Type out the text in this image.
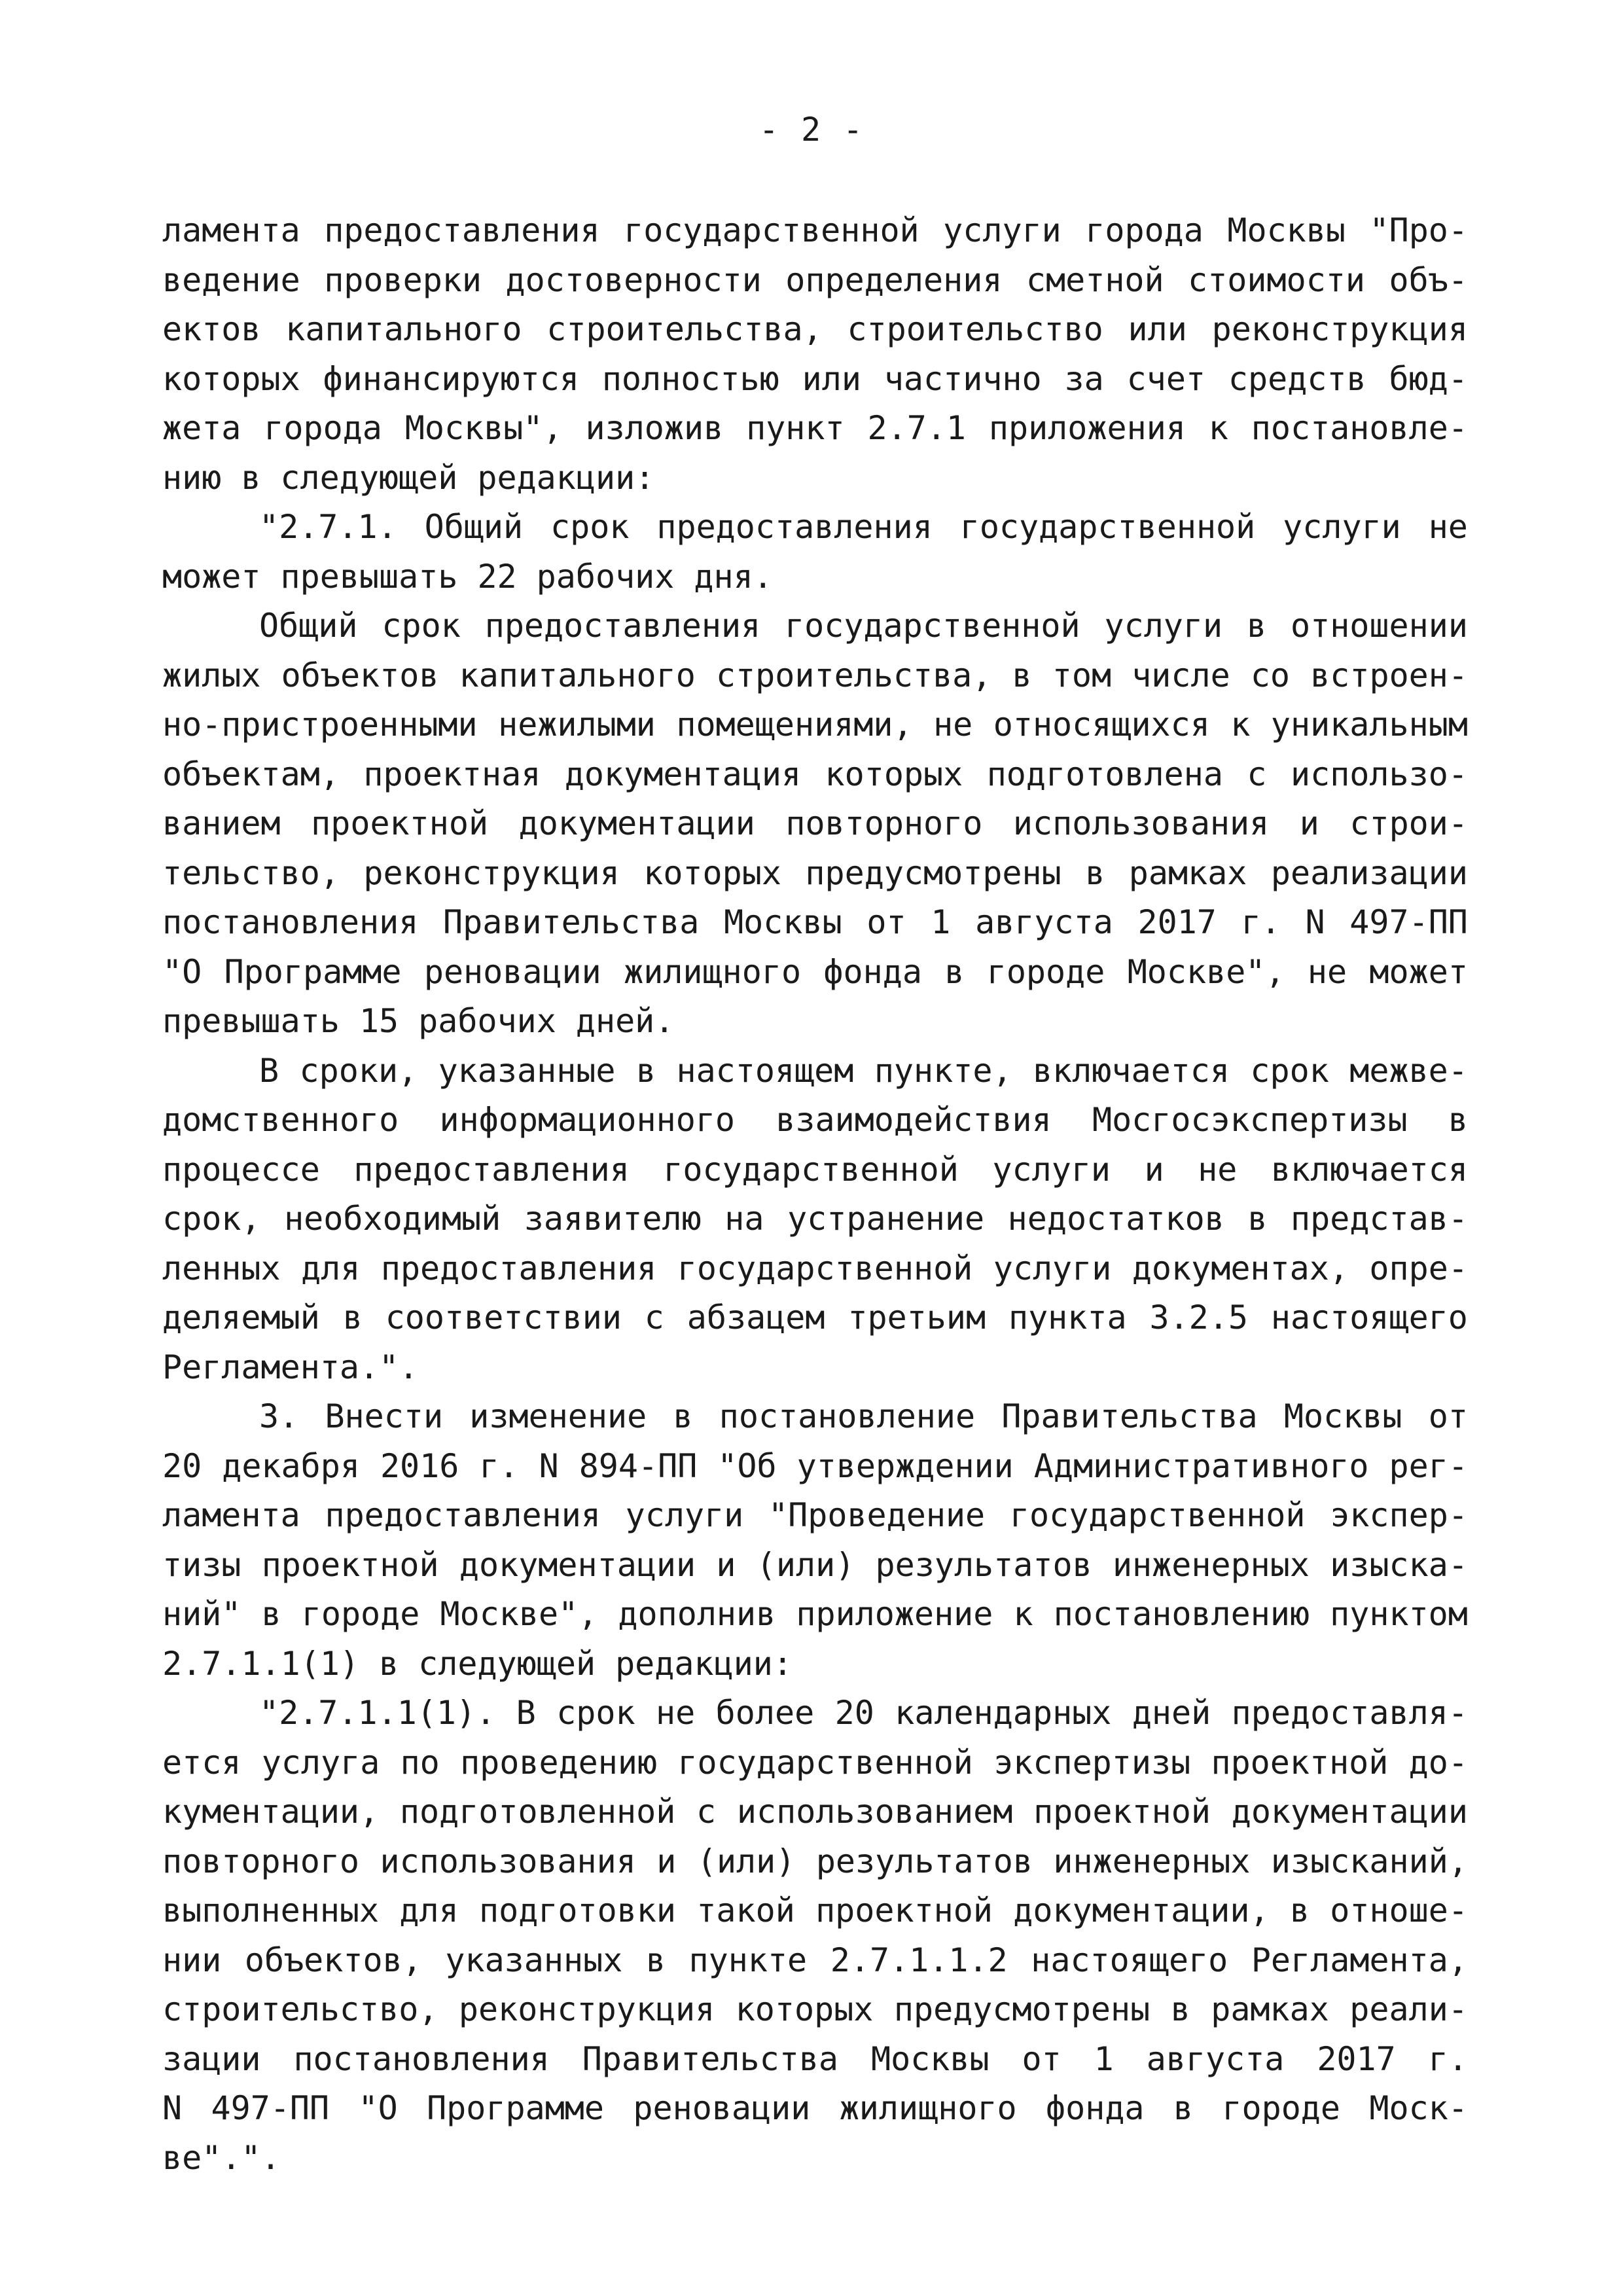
- 2 -
ламента предоставления государственной услуги города Москвы "Про-
ведение проверки достоверности определения сметной стоимости объ-
ектов капитального строительства, строительство или реконструкция
которых финансируются полностью или частично за счет средств бюд-
жета города Москвы", изложив пункт 2.7.1 приложения к постановле-
нию в следующей редакции:
"2.7.1. Общий срок предоставления государственной услуги не
может превышать 22 рабочих дня.
Общий срок предоставления государственной услуги в отношении
жилых объектов капитального строительства, в том числе со встроен-
но-пристроенными нежилыми помещениями, не относящихся к уникальным
объектам, проектная документация которых подготовлена с использо-
ванием проектной документации повторного использования и строи-
тельство, реконструкция которых предусмотрены в рамках реализации
постановления Правительства Москвы от 1 августа 2017 г. N 497-ПП
"О Программе реновации жилищного фонда в городе Москве", не может
превышать 15 рабочих дней.
В сроки, указанные в настоящем пункте, включается срок межве-
домственного информационного взаимодействия Мосгосэкспертизы в
процессе предоставления государственной услуги и не включается
срок, необходимый заявителю на устранение недостатков в представ-
ленных для предоставления государственной услуги документах, опре-
деляемый в соответствии с абзацем третьим пункта 3.2.5 настоящего
Регламента.".
3. Внести изменение в постановление Правительства Москвы от
20 декабря 2016 г. N 894-ПП "Об утверждении Административного рег-
ламента предоставления услуги "Проведение государственной экспер-
тизы проектной документации и (или) результатов инженерных изыска-
ний" в городе Москве", дополнив приложение к постановлению пунктом
2.7.1.1(1) в следующей редакции:
"2.7.1.1(1). В срок не более 20 календарных дней предоставля-
ется услуга по проведению государственной экспертизы проектной до-
кументации, подготовленной с использованием проектной документации
повторного использования и (или) результатов инженерных изысканий,
выполненных для подготовки такой проектной документации, в отноше-
нии объектов, указанных в пункте 2.7.1.1.2 настоящего Регламента,
строительство, реконструкция которых предусмотрены в рамках реали-
зации постановления Правительства Москвы от 1 августа 2017 г.
N 497-ПП "О Программе реновации жилищного фонда в городе Моск-
ве".".
